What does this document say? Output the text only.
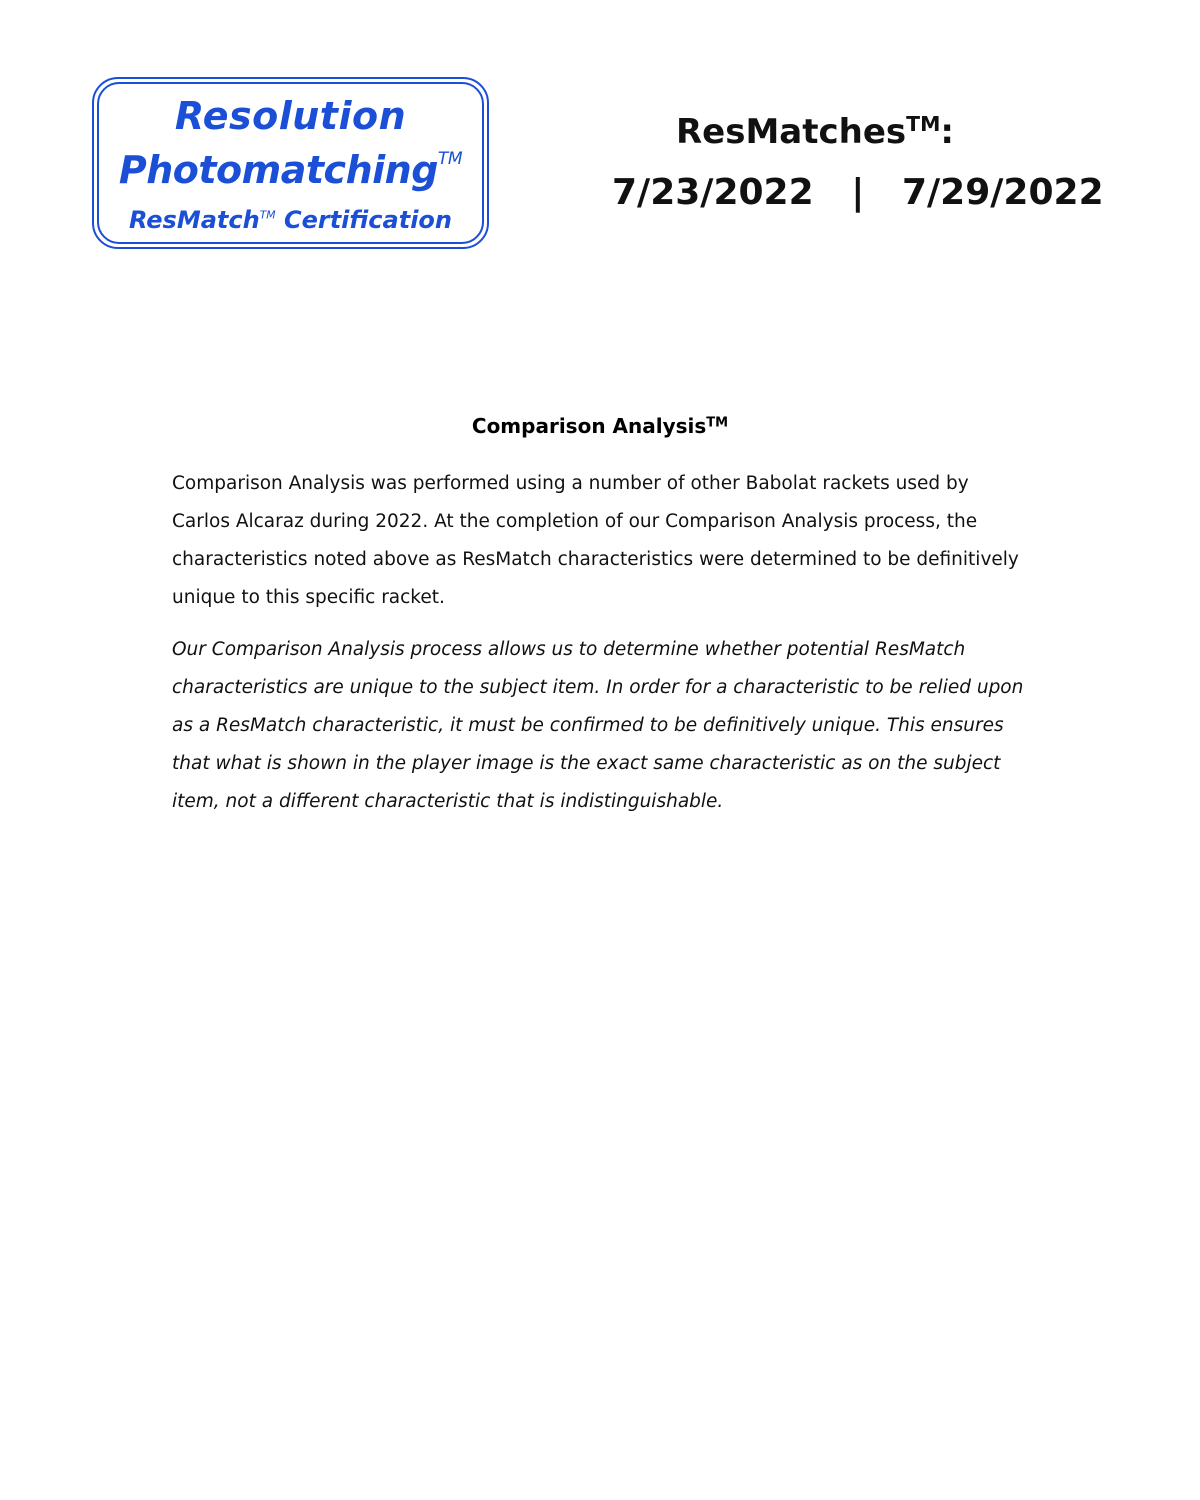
Resolution
Photomatching™
ResMatch™ Certification
ResMatches™:
7/23/2022   |   7/29/2022
Comparison Analysis™

Comparison Analysis was performed using a number of other Babolat rackets used by Carlos Alcaraz during 2022. At the completion of our Comparison Analysis process, the characteristics noted above as ResMatch characteristics were determined to be definitively unique to this specific racket.

Our Comparison Analysis process allows us to determine whether potential ResMatch characteristics are unique to the subject item. In order for a characteristic to be relied upon as a ResMatch characteristic, it must be confirmed to be definitively unique. This ensures that what is shown in the player image is the exact same characteristic as on the subject item, not a different characteristic that is indistinguishable.
